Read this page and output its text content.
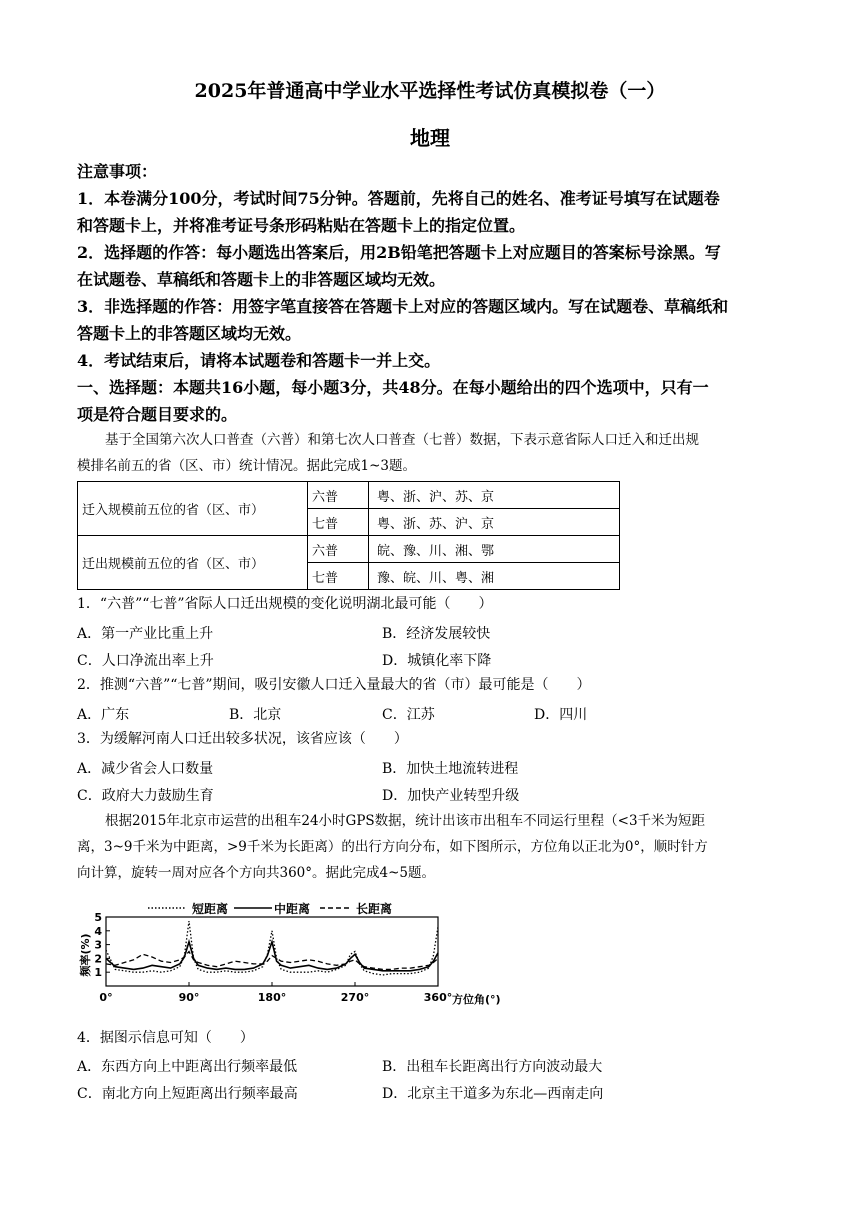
2025年普通高中学业水平选择性考试仿真模拟卷（一）
地理
注意事项：
1．本卷满分100分，考试时间75分钟。答题前，先将自己的姓名、准考证号填写在试题卷
和答题卡上，并将准考证号条形码粘贴在答题卡上的指定位置。
2．选择题的作答：每小题选出答案后，用2B铅笔把答题卡上对应题目的答案标号涂黑。写
在试题卷、草稿纸和答题卡上的非答题区域均无效。
3．非选择题的作答：用签字笔直接答在答题卡上对应的答题区域内。写在试题卷、草稿纸和
答题卡上的非答题区域均无效。
4．考试结束后，请将本试题卷和答题卡一并上交。
一、选择题：本题共16小题，每小题3分，共48分。在每小题给出的四个选项中，只有一
项是符合题目要求的。
基于全国第六次人口普查（六普）和第七次人口普查（七普）数据，下表示意省际人口迁入和迁出规
模排名前五的省（区、市）统计情况。据此完成1~3题。
迁入规模前五位的省（区、市）	六普	粤、浙、沪、苏、京
	七普	粤、浙、苏、沪、京
迁出规模前五位的省（区、市）	六普	皖、豫、川、湘、鄂
	七普	豫、皖、川、粤、湘
1．“六普”“七普”省际人口迁出规模的变化说明湖北最可能（　　）
A．第一产业比重上升	B．经济发展较快
C．人口净流出率上升	D．城镇化率下降
2．推测“六普”“七普”期间，吸引安徽人口迁入量最大的省（市）最可能是（　　）
A．广东	B．北京	C．江苏	D．四川
3．为缓解河南人口迁出较多状况，该省应该（　　）
A．减少省会人口数量	B．加快土地流转进程
C．政府大力鼓励生育	D．加快产业转型升级
根据2015年北京市运营的出租车24小时GPS数据，统计出该市出租车不同运行里程（<3千米为短距
离，3~9千米为中距离，>9千米为长距离）的出行方向分布，如下图所示，方位角以正北为0°，顺时针方
向计算，旋转一周对应各个方向共360°。据此完成4~5题。
短距离	中距离	长距离
频率(%)
方位角(°)
1
2
3
4
5
0°	90°	180°	270°	360°
4．据图示信息可知（　　）
A．东西方向上中距离出行频率最低	B．出租车长距离出行方向波动最大
C．南北方向上短距离出行频率最高	D．北京主干道多为东北—西南走向
